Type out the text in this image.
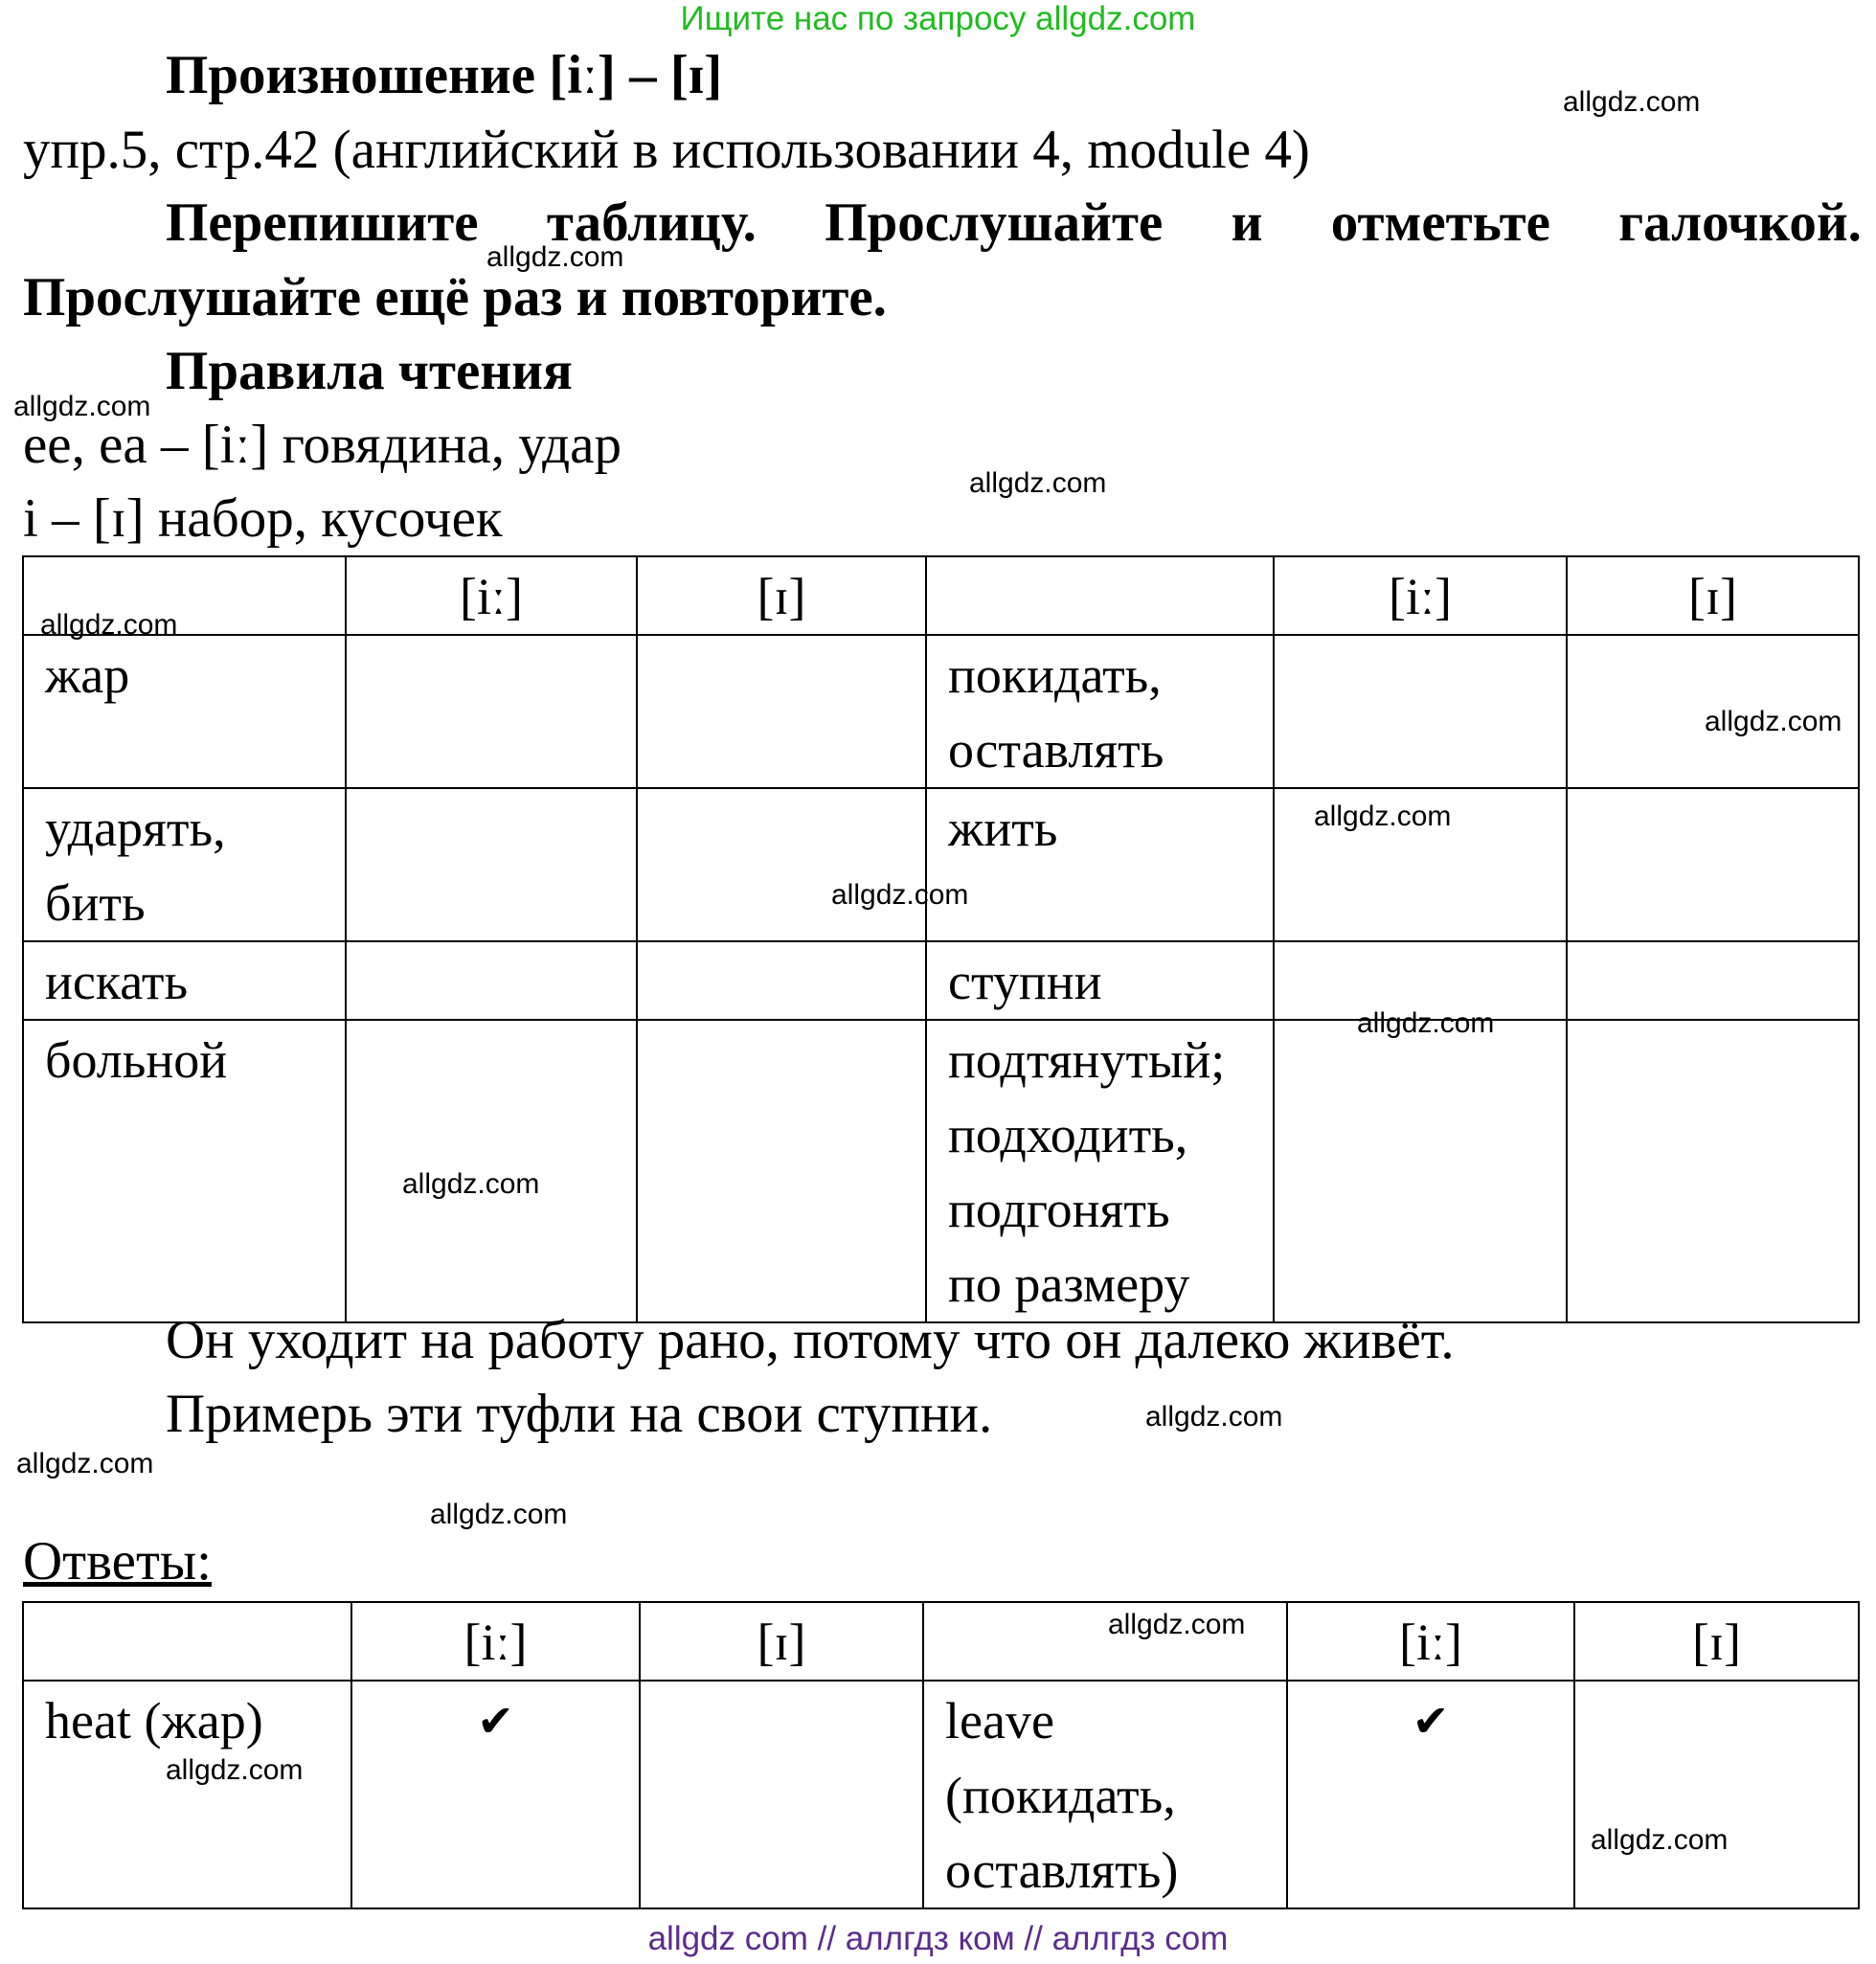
Ищите нас по запросу allgdz.com
Произношение [iː] – [ɪ]
упр.5, стр.42 (английский в использовании 4, module 4)
Перепишите таблицу. Прослушайте и отметьте галочкой.
Прослушайте ещё раз и повторите.
Правила чтения
ee, ea – [iː] говядина, удар
i – [ɪ] набор, кусочек
	[iː]	[ɪ]		[iː]	[ɪ]
жар			покидать,
оставлять		
ударять,
бить			жить		
искать			ступни		
больной			подтянутый;
подходить,
подгонять
по размеру		
Он уходит на работу рано, потому что он далеко живёт.
Примерь эти туфли на свои ступни.
Ответы:
	[iː]	[ɪ]		[iː]	[ɪ]
heat (жар)	✔		leave
(покидать,
оставлять)	✔	
allgdz.com
allgdz.com
allgdz.com
allgdz.com
allgdz.com
allgdz.com
allgdz.com
allgdz.com
allgdz.com
allgdz.com
allgdz.com
allgdz.com
allgdz.com
allgdz.com
allgdz.com
allgdz.com
allgdz com // аллгдз ком // аллгдз com
